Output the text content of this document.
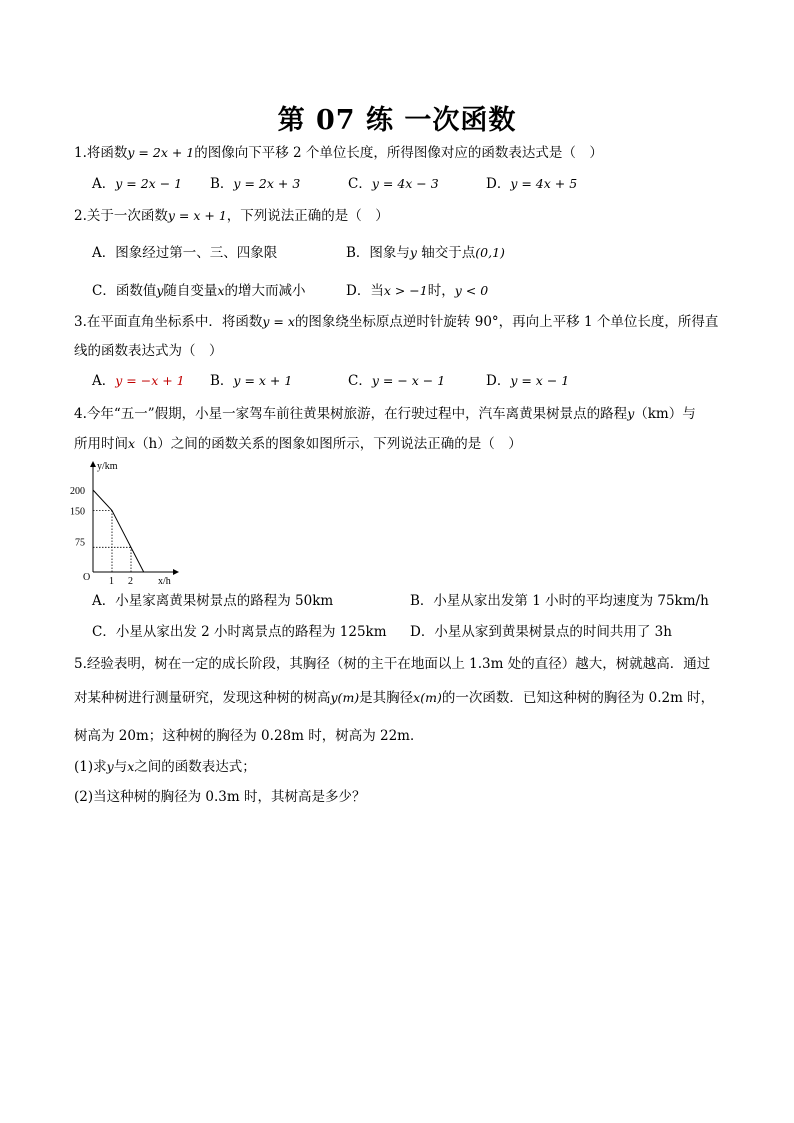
第 07 练 一次函数
1.将函数y = 2x + 1的图像向下平移 2 个单位长度，所得图像对应的函数表达式是（　）
A．y = 2x − 1 B．y = 2x + 3	C．y = 4x − 3	D．y = 4x + 5
2.关于一次函数y = x + 1，下列说法正确的是（　）
A．图象经过第一、三、四象限	B．图象与y 轴交于点(0,1)
C．函数值y随自变量x的增大而减小	D．当x > −1时，y < 0
3.在平面直角坐标系中．将函数y = x的图象绕坐标原点逆时针旋转 90°，再向上平移 1 个单位长度，所得直
线的函数表达式为（　）
A．y = −x + 1 B．y = x + 1	C．y = − x − 1	D．y = x − 1
4.今年“五一”假期，小星一家驾车前往黄果树旅游，在行驶过程中，汽车离黄果树景点的路程y（km）与
所用时间x（h）之间的函数关系的图象如图所示，下列说法正确的是（　）
y/km
x/h
O
200
150
75
1 2
A．小星家离黄果树景点的路程为 50km	B．小星从家出发第 1 小时的平均速度为 75km/h
C．小星从家出发 2 小时离景点的路程为 125km D．小星从家到黄果树景点的时间共用了 3h
5.经验表明，树在一定的成长阶段，其胸径（树的主干在地面以上 1.3m 处的直径）越大，树就越高．通过
对某种树进行测量研究，发现这种树的树高y(m)是其胸径x(m)的一次函数．已知这种树的胸径为 0.2m 时，
树高为 20m；这种树的胸径为 0.28m 时，树高为 22m．
(1)求y与x之间的函数表达式；
(2)当这种树的胸径为 0.3m 时，其树高是多少？
